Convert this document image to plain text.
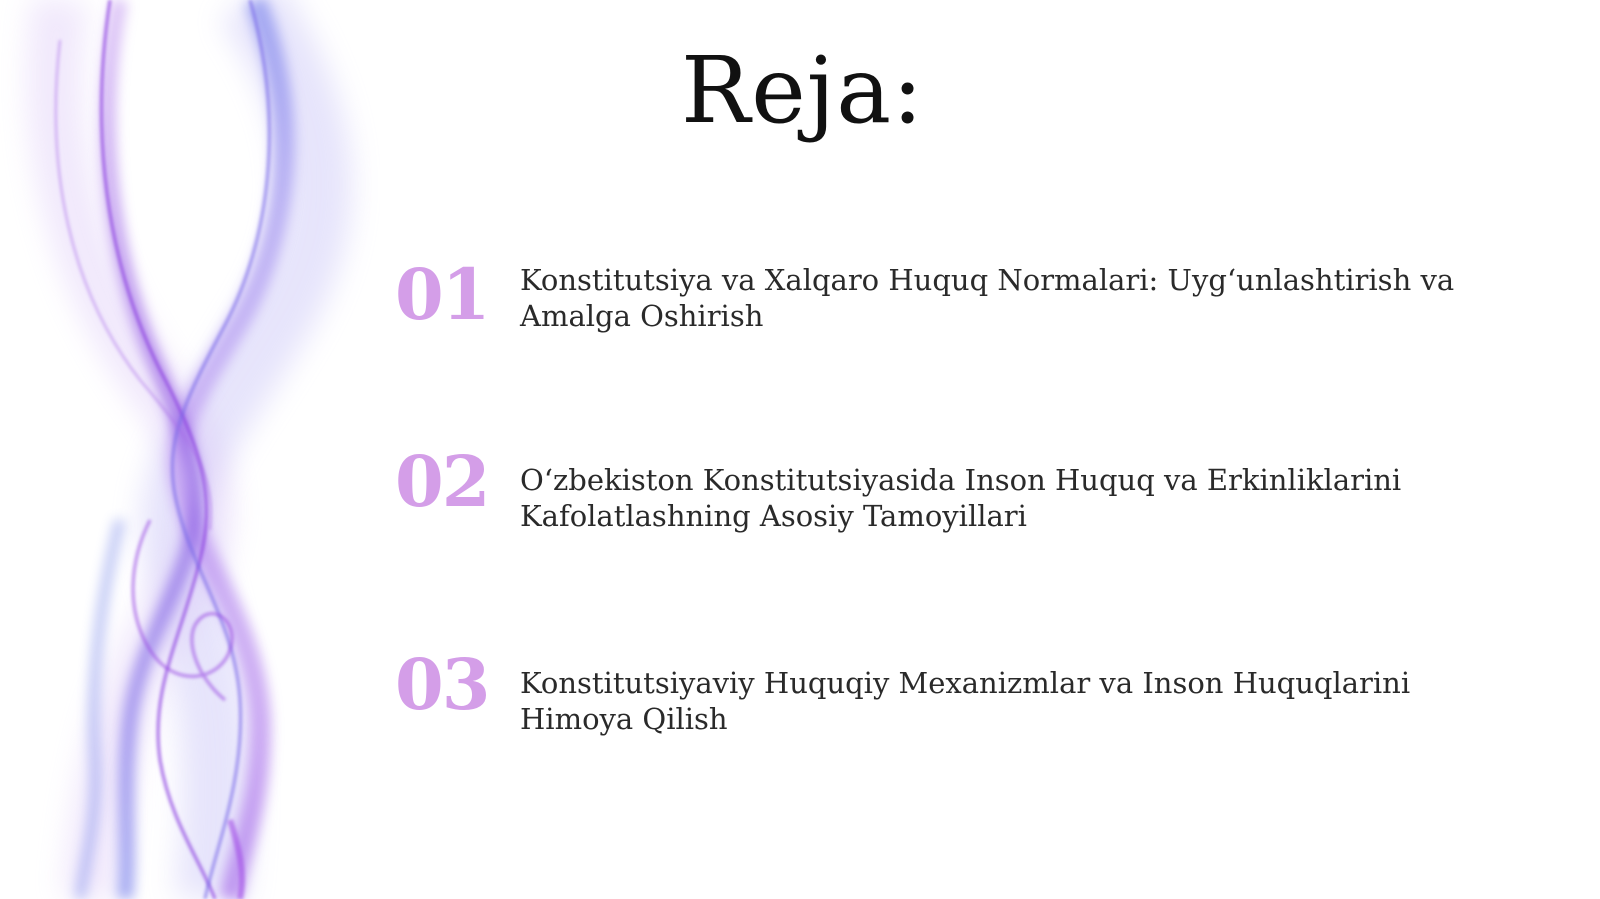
Reja:
01 Konstitutsiya va Xalqaro Huquq Normalari: Uyg‘unlashtirish va Amalga Oshirish
02 O‘zbekiston Konstitutsiyasida Inson Huquq va Erkinliklarini Kafolatlashning Asosiy Tamoyillari
03 Konstitutsiyaviy Huquqiy Mexanizmlar va Inson Huquqlarini Himoya Qilish
